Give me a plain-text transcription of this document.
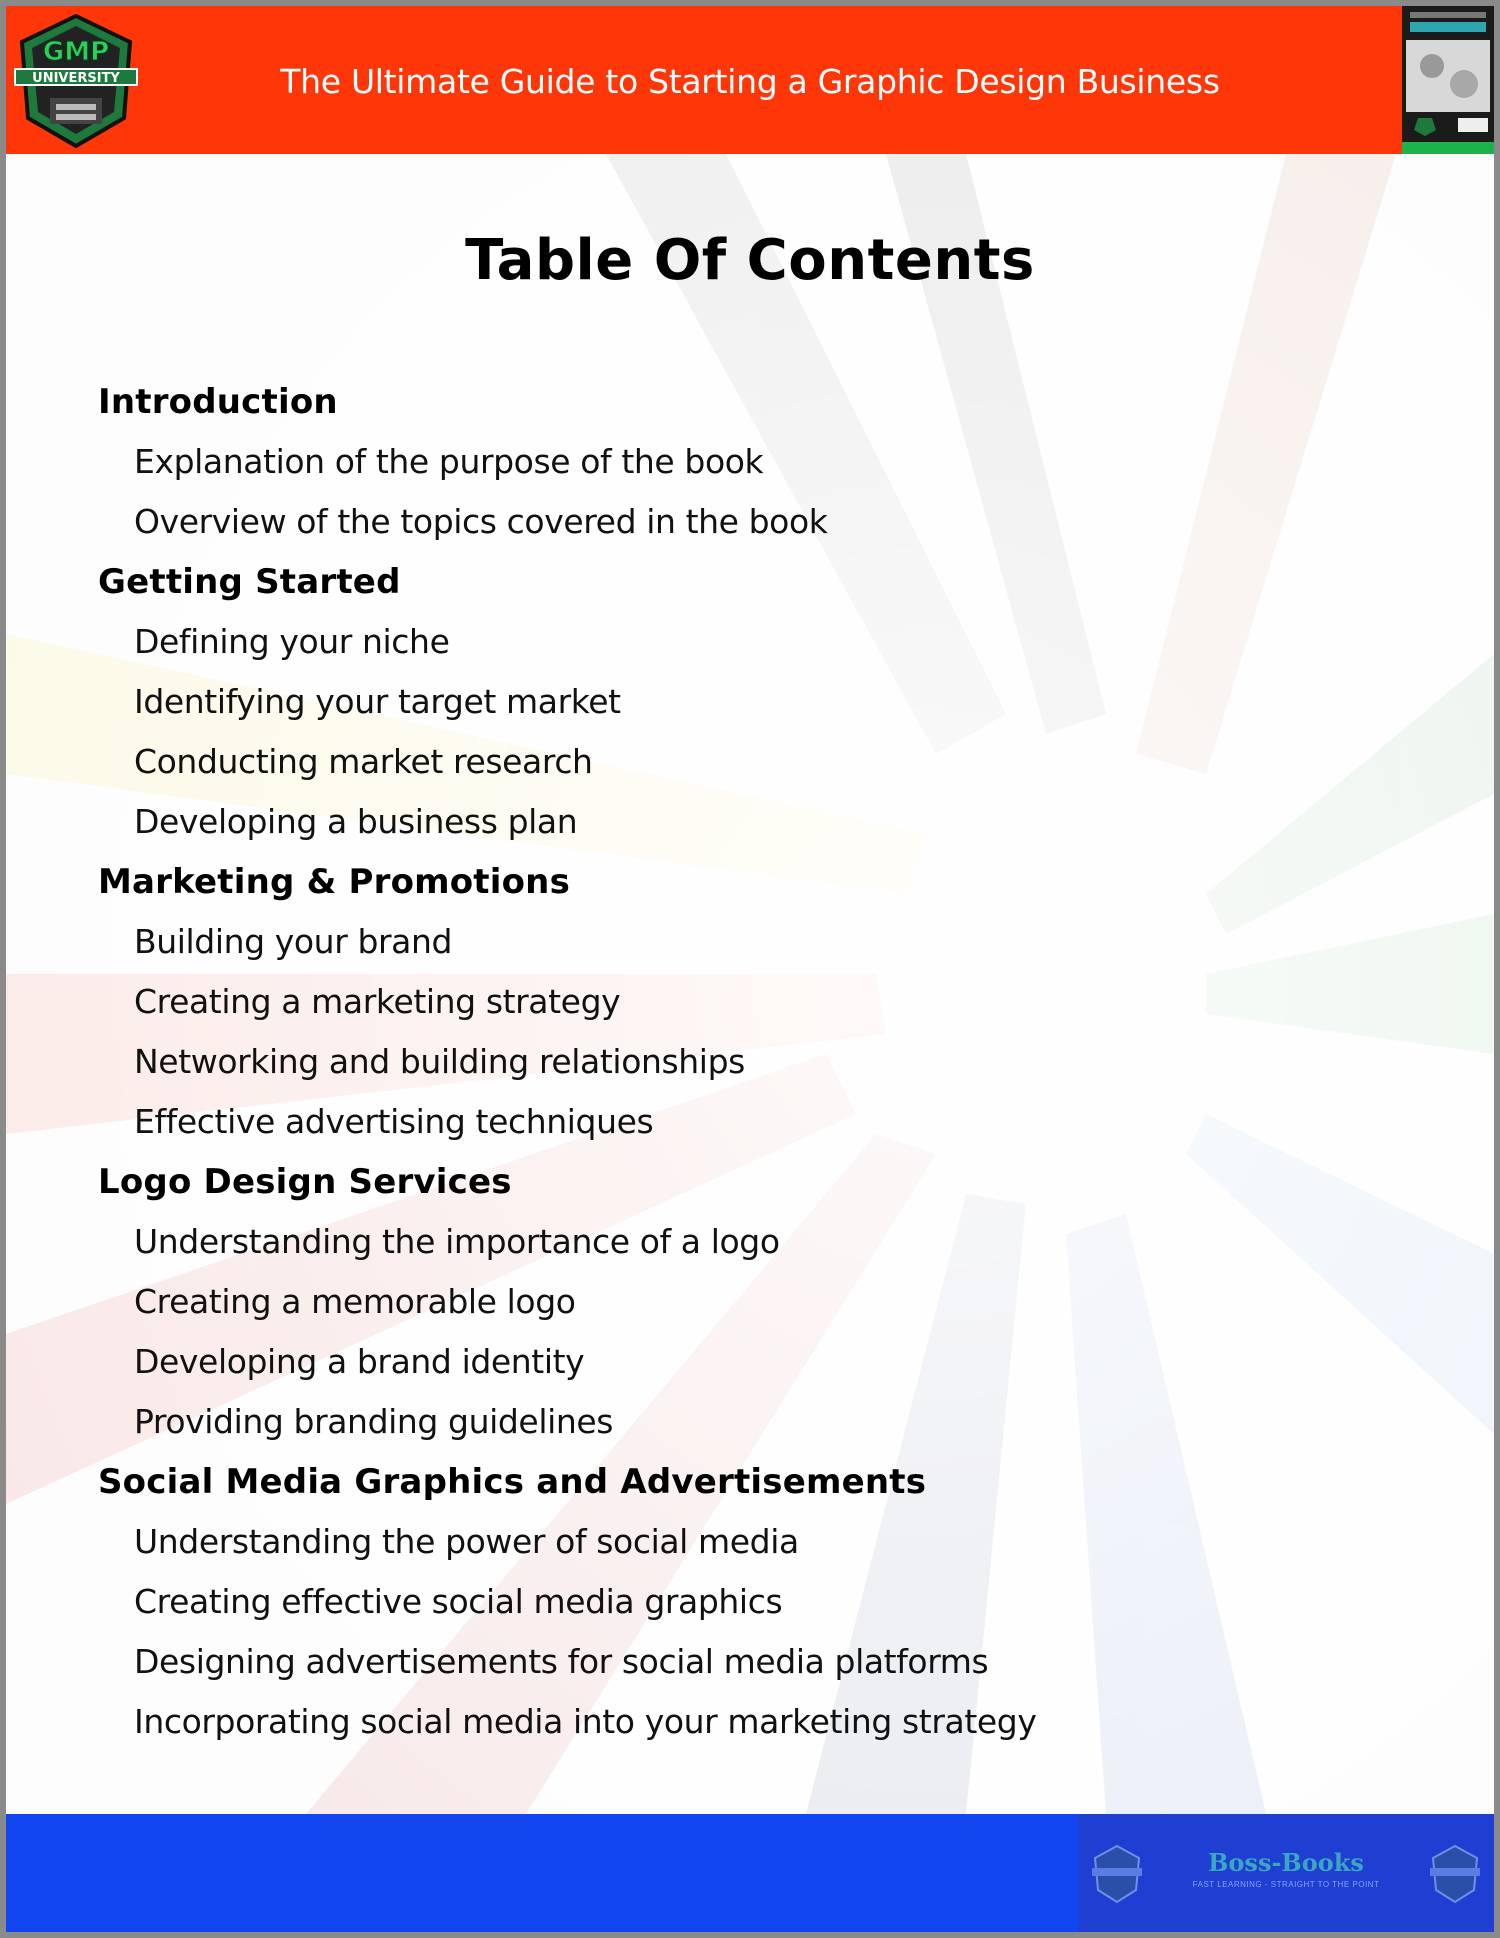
GMP
UNIVERSITY	The Ultimate Guide to Starting a Graphic Design Business
Table Of Contents
Introduction
Explanation of the purpose of the book
Overview of the topics covered in the book
Getting Started
Defining your niche
Identifying your target market
Conducting market research
Developing a business plan
Marketing & Promotions
Building your brand
Creating a marketing strategy
Networking and building relationships
Effective advertising techniques
Logo Design Services
Understanding the importance of a logo
Creating a memorable logo
Developing a brand identity
Providing branding guidelines
Social Media Graphics and Advertisements
Understanding the power of social media
Creating effective social media graphics
Designing advertisements for social media platforms
Incorporating social media into your marketing strategy
Boss-Books
FAST LEARNING - STRAIGHT TO THE POINT
